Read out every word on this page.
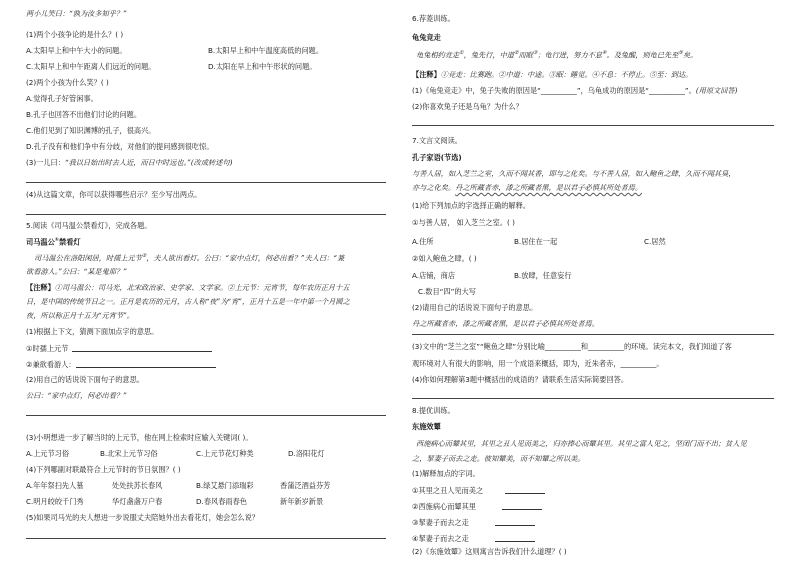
两小儿笑曰：“孰为汝多知乎？”
(1)两个小孩争论的是什么？( )
A.太阳早上和中午大小的问题。	B.太阳早上和中午温度高低的问题。
C.太阳早上和中午距离人们远近的问题。	D.太阳在早上和中午形状的问题。
(2)两个小孩为什么笑？( )
A.觉得孔子好管闲事。
B.孔子也回答不出他们讨论的问题。
C.他们见到了知识渊博的孔子，很高兴。
D.孔子没有和他们争中有分歧，对他们的提问感到很吃惊。
(3)一儿曰：“我以日始出时去人近，而日中时远也。”(改成转述句)
(4)从这篇文章，你可以获得哪些启示？至少写出两点。
5.阅读《司马温公禁看灯》，完成各题。
司马温公①禁看灯
司马温公在洛阳闲居，时孺上元节②，夫人欲出看灯。公曰：“家中点灯，何必出看？”夫人曰：“兼
欲看游人。”公曰：“某是鬼耶？”
【注释】①司马温公：司马光，北宋政治家、史学家、文学家。②上元节：元宵节，每年农历正月十五
日，是中国的传统节日之一。正月是农历的元月，古人称“夜”为“宵”，正月十五是一年中第一个月圆之
夜，所以称正月十五为“元宵节”。
(1)根据上下文，猜测下面加点字的意思。
①时孺上元节
②兼欲看游人：
(2)用自己的话说说下面句子的意思。
公曰：“家中点灯，何必出看？”
(3)小明想进一步了解当时的上元节，他在网上检索时应输入关键词( )。
A.上元节习俗	B.北宋上元节习俗	C.上元节花灯种类	D.洛阳花灯
(4)下列哪副对联最符合上元节时的节日氛围？( )
A.年年祭扫先人墓	处处扶苏长春风	B.绿艾悬门添瑞彩	香蒲泛酒益芬芳
C.明月皎皎千门秀	华灯盏盏万户春	D.春风春雨春色	新年新岁新景
(5)如果司马光的夫人想进一步说服丈夫陪她外出去看花灯，她会怎么说？
6.荐菱训练。
龟兔竞走
龟兔相约竞走①，兔先行，中道②而眠③；龟行进，努力不息④。及兔醒，则龟已先至⑤矣。
【注释】①竞走：比赛跑。②中道：中途。③眠：睡觉。④不息：不停止。⑤至：到达。
(1)《龟兔竞走》中，兔子失败的原因是“__________”，乌龟成功的原因是“__________”。(用原文回答)
(2)你喜欢兔子还是乌龟？为什么？
7.文言文阅读。
孔子家语(节选)
与善人居，如入芝兰之室，久而不闻其香，即与之化矣。与不善人居，如入鲍鱼之肆，久而不闻其臭，
亦与之化矣。丹之所藏者赤，漆之所藏者黑，是以君子必慎其所处者焉。
(1)给下列加点的字选择正确的解释。
①与善人居， 如入芝兰之室。( )
A.住所	B.居住在一起	C.居然
②如入鲍鱼之肆。( )
A.店铺，商店	B.放肆，任意妄行
C.数目“四”的大写
(2)请用自己的话说说下面句子的意思。
丹之所藏者赤，漆之所藏者黑，是以君子必慎其所处者焉。
(3)文中的“芝兰之室”“鲍鱼之肆”分别比喻__________和__________的环境。读完本文，我们知道了客
观环境对人有很大的影响，用一个成语来概括，即为，近朱者赤，__________。
(4)你如何理解第3题中概括出的成语的？请联系生活实际简要回答。
8.提优训练。
东施效颦
西施病心而颦其里，其里之丑人见而美之，归亦捧心而颦其里。其里之富人见之，坚闭门而不出；贫人见
之，挈妻子而去之走。彼知颦美，而不知颦之所以美。
(1)解释加点的字词。
①其里之丑人见而美之
②西施病心而颦其里
③挈妻子而去之走
④挈妻子而去之走
(2)《东施效颦》这则寓言告诉我们什么道理？( )
